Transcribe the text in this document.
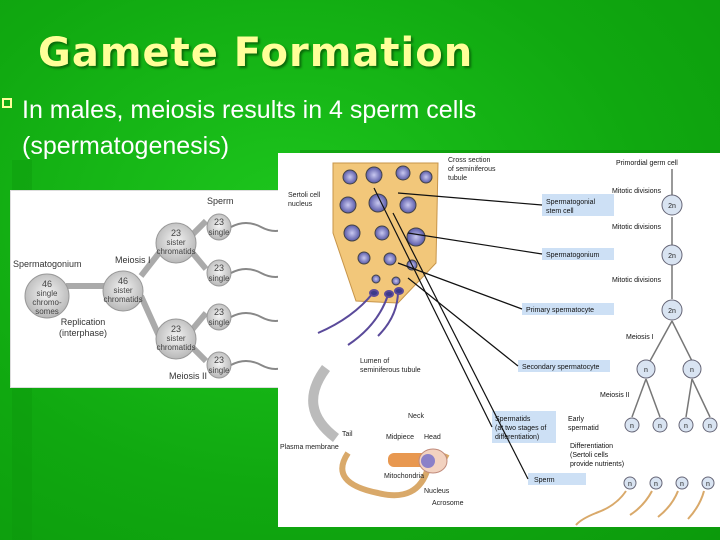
Gamete Formation
In males, meiosis results in 4 sperm cells (spermatogenesis)
Sperm
Spermatogonium
46
single
chromo-
somes
Meiosis I
46
sister
chromatids
Replication
(interphase)
23
sister
chromatids
23
sister
chromatids
Meiosis II
23
single
23
single
23
single
23
single
Cross section
of seminiferous
tubule
Sertoli cell
nucleus
Lumen of
seminiferous tubule
Neck
Tail
Plasma membrane
Midpiece Head
Mitochondria
Nucleus
Acrosome
Spermatogonial
stem cell
Spermatogonium
Primary spermatocyte
Secondary spermatocyte
Spermatids
(at two stages of
differentiation)
Sperm
Primordial germ cell
Mitotic divisions
Mitotic divisions
Mitotic divisions
Meiosis I
Meiosis II
Early
spermatid
Differentiation
(Sertoli cells
provide nutrients)
2n
2n
2n
n	n
n	n	n	n
n	n	n	n
